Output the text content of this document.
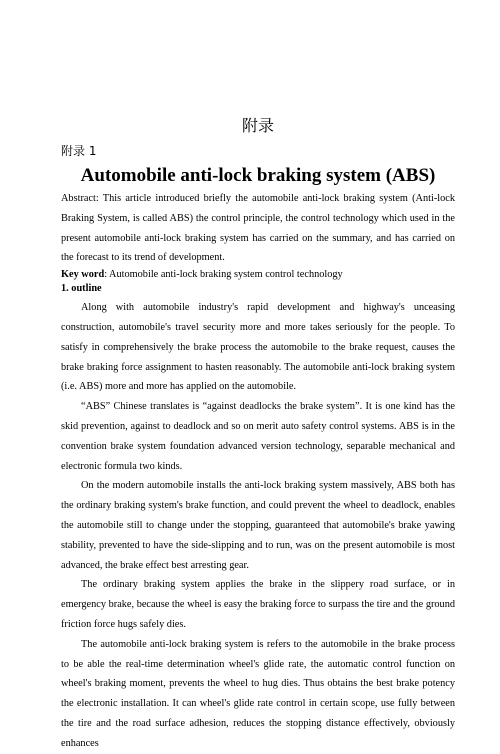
附录
附录 1
Automobile anti-lock braking system (ABS)

Abstract: This article introduced briefly the automobile anti-lock braking system (Anti-lock Braking System, is called ABS) the control principle, the control technology which used in the present automobile anti-lock braking system has carried on the summary, and has carried on the forecast to its trend of development.

Key word: Automobile anti-lock braking system control technology

1. outline

Along with automobile industry's rapid development and highway's unceasing construction, automobile's travel security more and more takes seriously for the people. To satisfy in comprehensively the brake process the automobile to the brake request, causes the brake braking force assignment to hasten reasonably. The automobile anti-lock braking system (i.e. ABS) more and more has applied on the automobile.

“ABS” Chinese translates is “against deadlocks the brake system”. It is one kind has the skid prevention, against to deadlock and so on merit auto safety control systems. ABS is in the convention brake system foundation advanced version technology, separable mechanical and electronic formula two kinds.

On the modern automobile installs the anti-lock braking system massively, ABS both has the ordinary braking system's brake function, and could prevent the wheel to deadlock, enables the automobile still to change under the stopping, guaranteed that automobile's brake yawing stability, prevented to have the side-slipping and to run, was on the present automobile is most advanced, the brake effect best arresting gear.

The ordinary braking system applies the brake in the slippery road surface, or in emergency brake, because the wheel is easy the braking force to surpass the tire and the ground friction force hugs safely dies.

The automobile anti-lock braking system is refers to the automobile in the brake process to be able the real-time determination wheel's glide rate, the automatic control function on wheel's braking moment, prevents the wheel to hug dies. Thus obtains the best brake potency the electronic installation. It can wheel's glide rate control in certain scope, use fully between the tire and the road surface adhesion, reduces the stopping distance effectively, obviously enhances
